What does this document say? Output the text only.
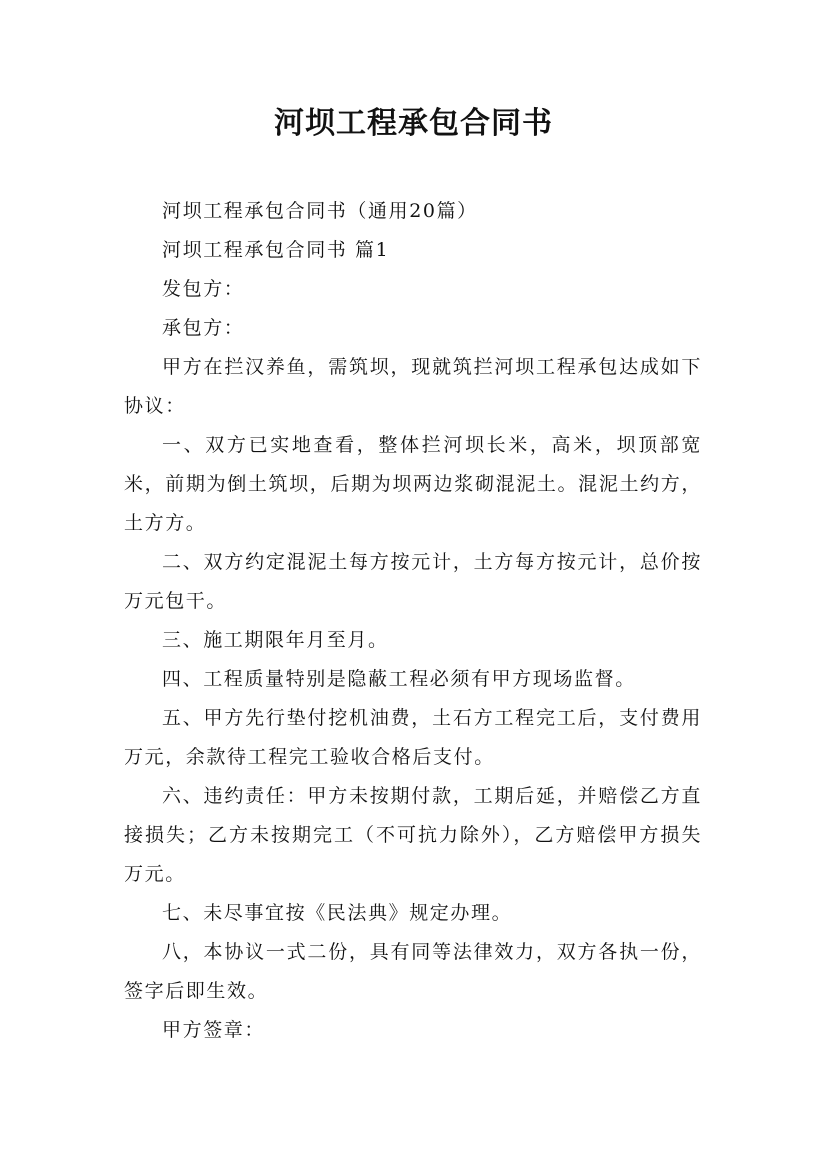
河坝工程承包合同书

河坝工程承包合同书（通用20篇）

河坝工程承包合同书 篇1

发包方：

承包方：

甲方在拦汉养鱼，需筑坝，现就筑拦河坝工程承包达成如下协议：

一、双方已实地查看，整体拦河坝长米，高米，坝顶部宽米，前期为倒土筑坝，后期为坝两边浆砌混泥土。混泥土约方，土方方。

二、双方约定混泥土每方按元计，土方每方按元计，总价按万元包干。

三、施工期限年月至月。

四、工程质量特别是隐蔽工程必须有甲方现场监督。

五、甲方先行垫付挖机油费，土石方工程完工后，支付费用万元，余款待工程完工验收合格后支付。

六、违约责任：甲方未按期付款，工期后延，并赔偿乙方直接损失；乙方未按期完工（不可抗力除外），乙方赔偿甲方损失万元。

七、未尽事宜按《民法典》规定办理。

八，本协议一式二份，具有同等法律效力，双方各执一份，签字后即生效。

甲方签章：
